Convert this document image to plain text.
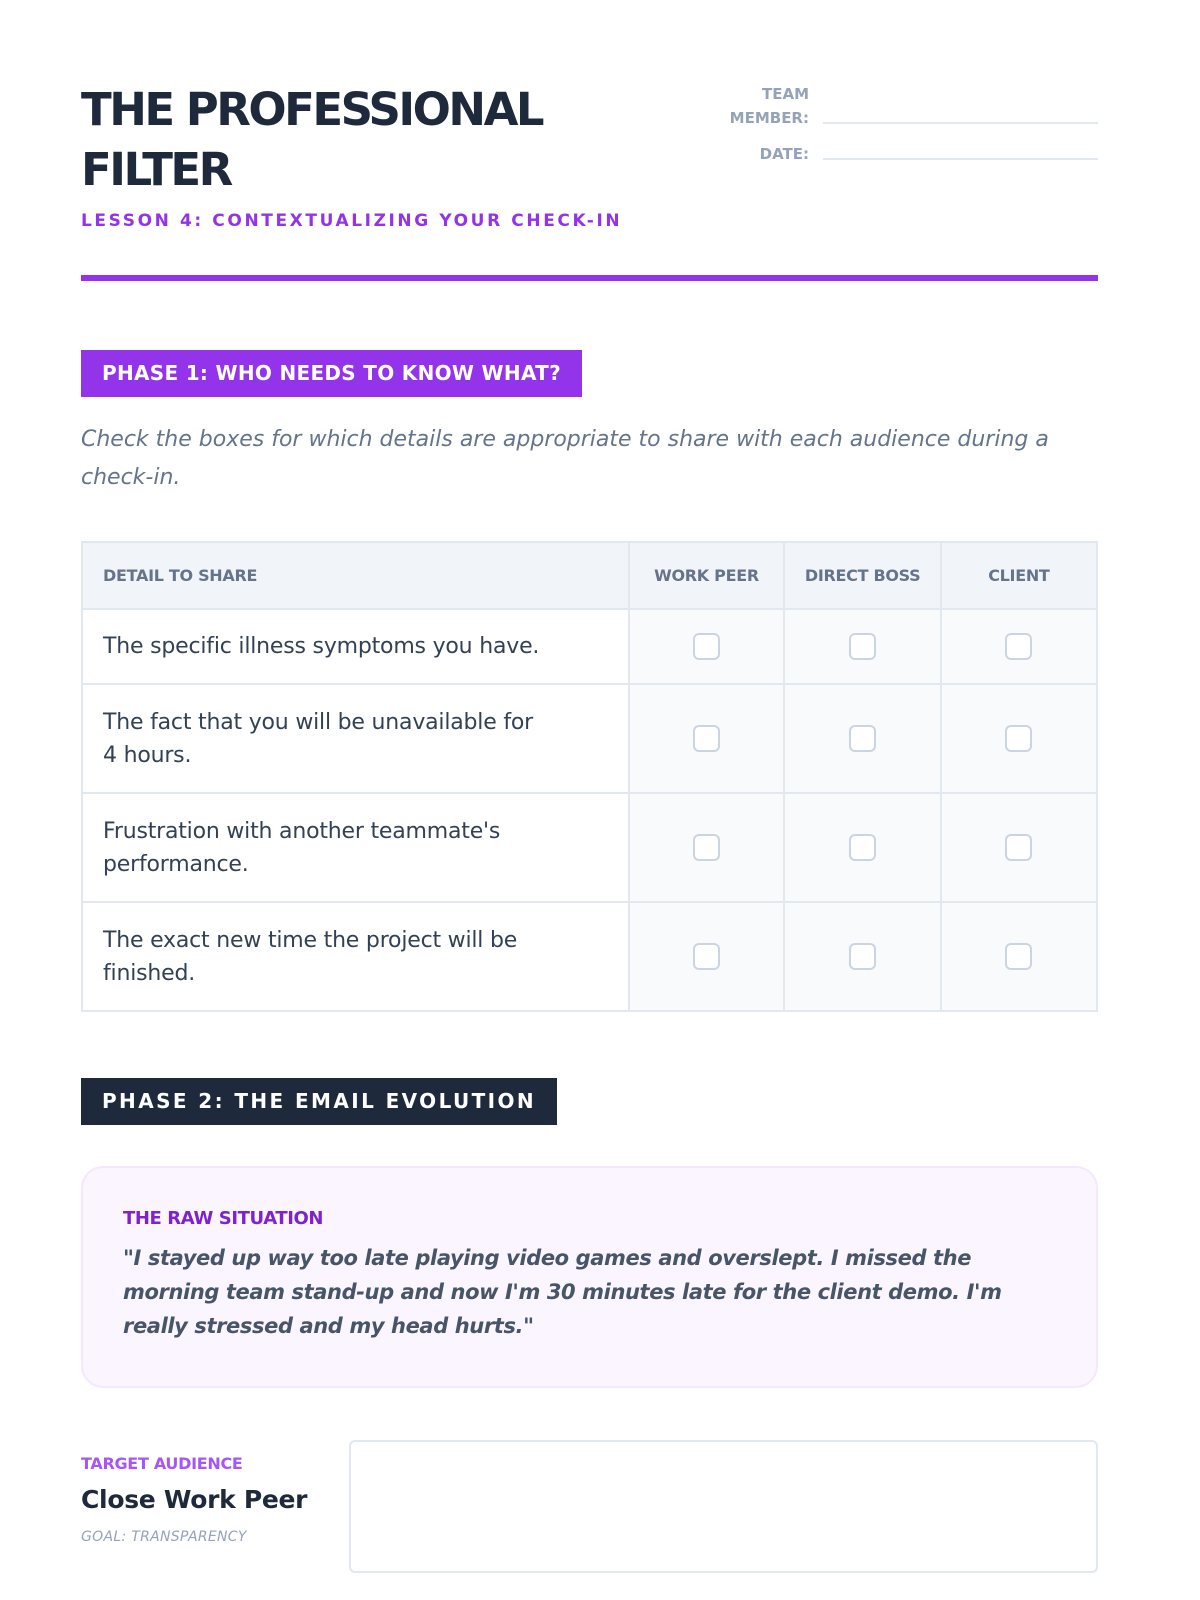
THE PROFESSIONAL FILTER
LESSON 4: CONTEXTUALIZING YOUR CHECK-IN
TEAM MEMBER:
DATE:
PHASE 1: WHO NEEDS TO KNOW WHAT?

Check the boxes for which details are appropriate to share with each audience during a check-in.

DETAIL TO SHARE	WORK PEER	DIRECT BOSS	CLIENT
The specific illness symptoms you have.			
The fact that you will be unavailable for 4 hours.			
Frustration with another teammate's performance.			
The exact new time the project will be finished.			
PHASE 2: THE EMAIL EVOLUTION
THE RAW SITUATION

"I stayed up way too late playing video games and overslept. I missed the morning team stand-up and now I'm 30 minutes late for the client demo. I'm really stressed and my head hurts."

TARGET AUDIENCE
Close Work Peer
GOAL: TRANSPARENCY
